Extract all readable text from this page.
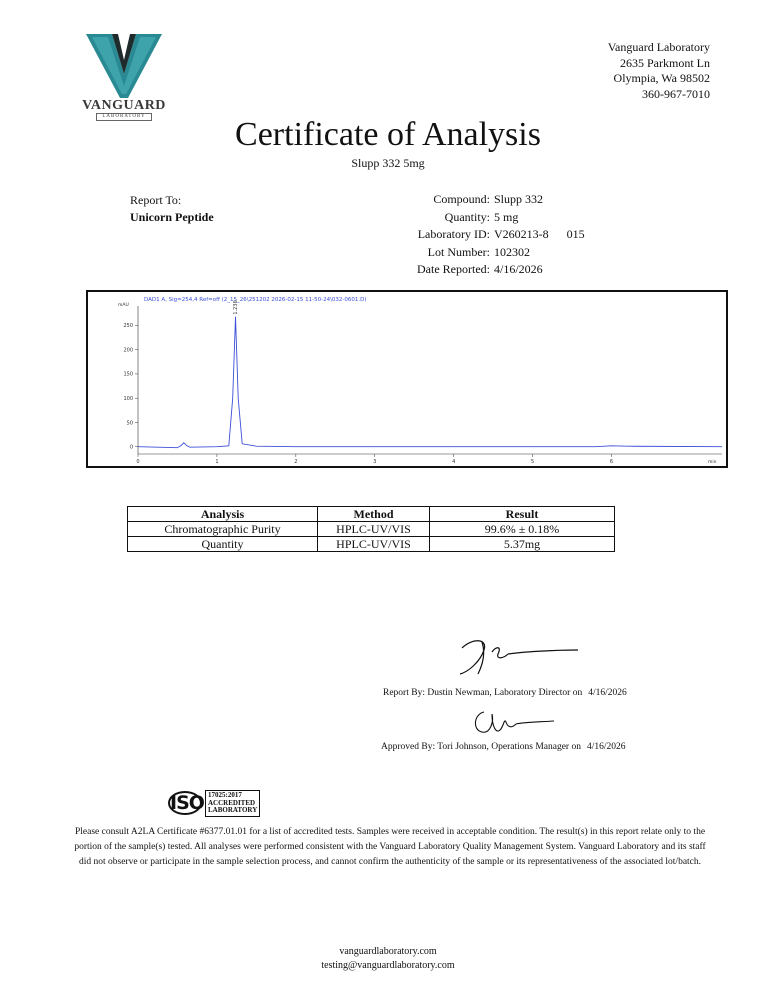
VANGUARD
LABORATORY
Vanguard Laboratory
2635 Parkmont Ln
Olympia, Wa 98502
360-967-7010
Certificate of Analysis
Slupp 332 5mg
Report To:
Unicorn Peptide
Compound: Slupp 332
Quantity: 5 mg
Laboratory ID: V260213-8 015
Lot Number: 102302
Date Reported: 4/16/2026
DAD1 A, Sig=254,4 Ref=off (2_15_26\251202 2026-02-15 11-50-24\032-0601.D)
mAU
min
250
200
150
100
50
0
0	1	2	3	4	5	6
1.236
Analysis	Method	Result
Chromatographic Purity	HPLC-UV/VIS	99.6% ± 0.18%
Quantity	HPLC-UV/VIS	5.37mg
Report By: Dustin Newman, Laboratory Director on 4/16/2026
Approved By: Tori Johnson, Operations Manager on 4/16/2026
ISO 17025:2017
ACCREDITED
LABORATORY
Please consult A2LA Certificate #6377.01.01 for a list of accredited tests. Samples were received in acceptable condition. The result(s) in this report relate only to the portion of the sample(s) tested. All analyses were performed consistent with the Vanguard Laboratory Quality Management System. Vanguard Laboratory and its staff did not observe or participate in the sample selection process, and cannot confirm the authenticity of the sample or its representativeness of the associated lot/batch.
vanguardlaboratory.com
testing@vanguardlaboratory.com
